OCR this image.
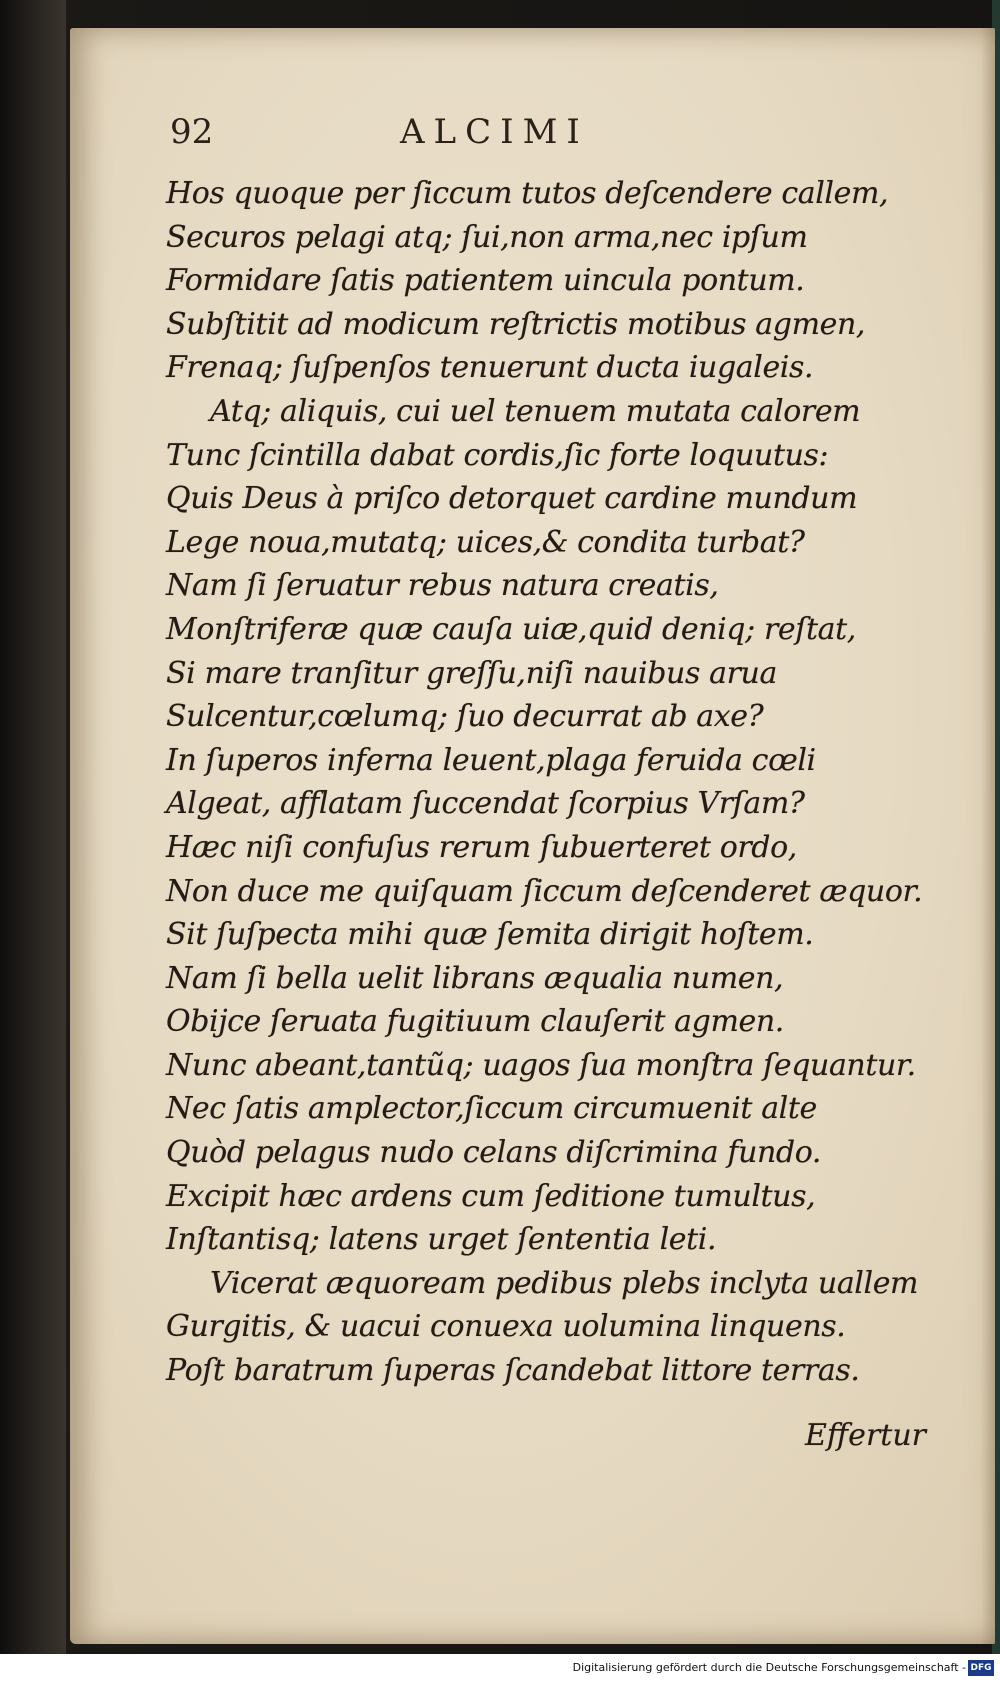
92	ALCIMI
Hos quoque per ſiccum tutos deſcendere callem,
Securos pelagi atq; ſui,non arma,nec ipſum
Formidare ſatis patientem uincula pontum.
Subſtitit ad modicum reſtrictis motibus agmen,
Frenaq; ſuſpenſos tenuerunt ducta iugaleis.
Atq; aliquis, cui uel tenuem mutata calorem
Tunc ſcintilla dabat cordis,ſic forte loquutus:
Quis Deus à priſco detorquet cardine mundum
Lege noua,mutatq; uices,& condita turbat?
Nam ſi ſeruatur rebus natura creatis,
Monſtriferæ quæ cauſa uiæ,quid deniq; reſtat,
Si mare tranſitur greſſu,niſi nauibus arua
Sulcentur,cœlumq; ſuo decurrat ab axe?
In ſuperos inferna leuent,plaga feruida cœli
Algeat, afflatam ſuccendat ſcorpius Vrſam?
Hæc niſi confuſus rerum ſubuerteret ordo,
Non duce me quiſquam ſiccum deſcenderet æquor.
Sit ſuſpecta mihi quæ ſemita dirigit hoſtem.
Nam ſi bella uelit librans æqualia numen,
Obijce ſeruata fugitiuum clauſerit agmen.
Nunc abeant,tantũq; uagos ſua monſtra ſequantur.
Nec ſatis amplector,ſiccum circumuenit alte
Quòd pelagus nudo celans diſcrimina fundo.
Excipit hæc ardens cum ſeditione tumultus,
Inſtantisq; latens urget ſententia leti.
Vicerat æquoream pedibus plebs inclyta uallem
Gurgitis, & uacui conuexa uolumina linquens.
Poſt baratrum ſuperas ſcandebat littore terras.
Effertur
Digitalisierung gefördert durch die Deutsche Forschungsgemeinschaft - DFG
